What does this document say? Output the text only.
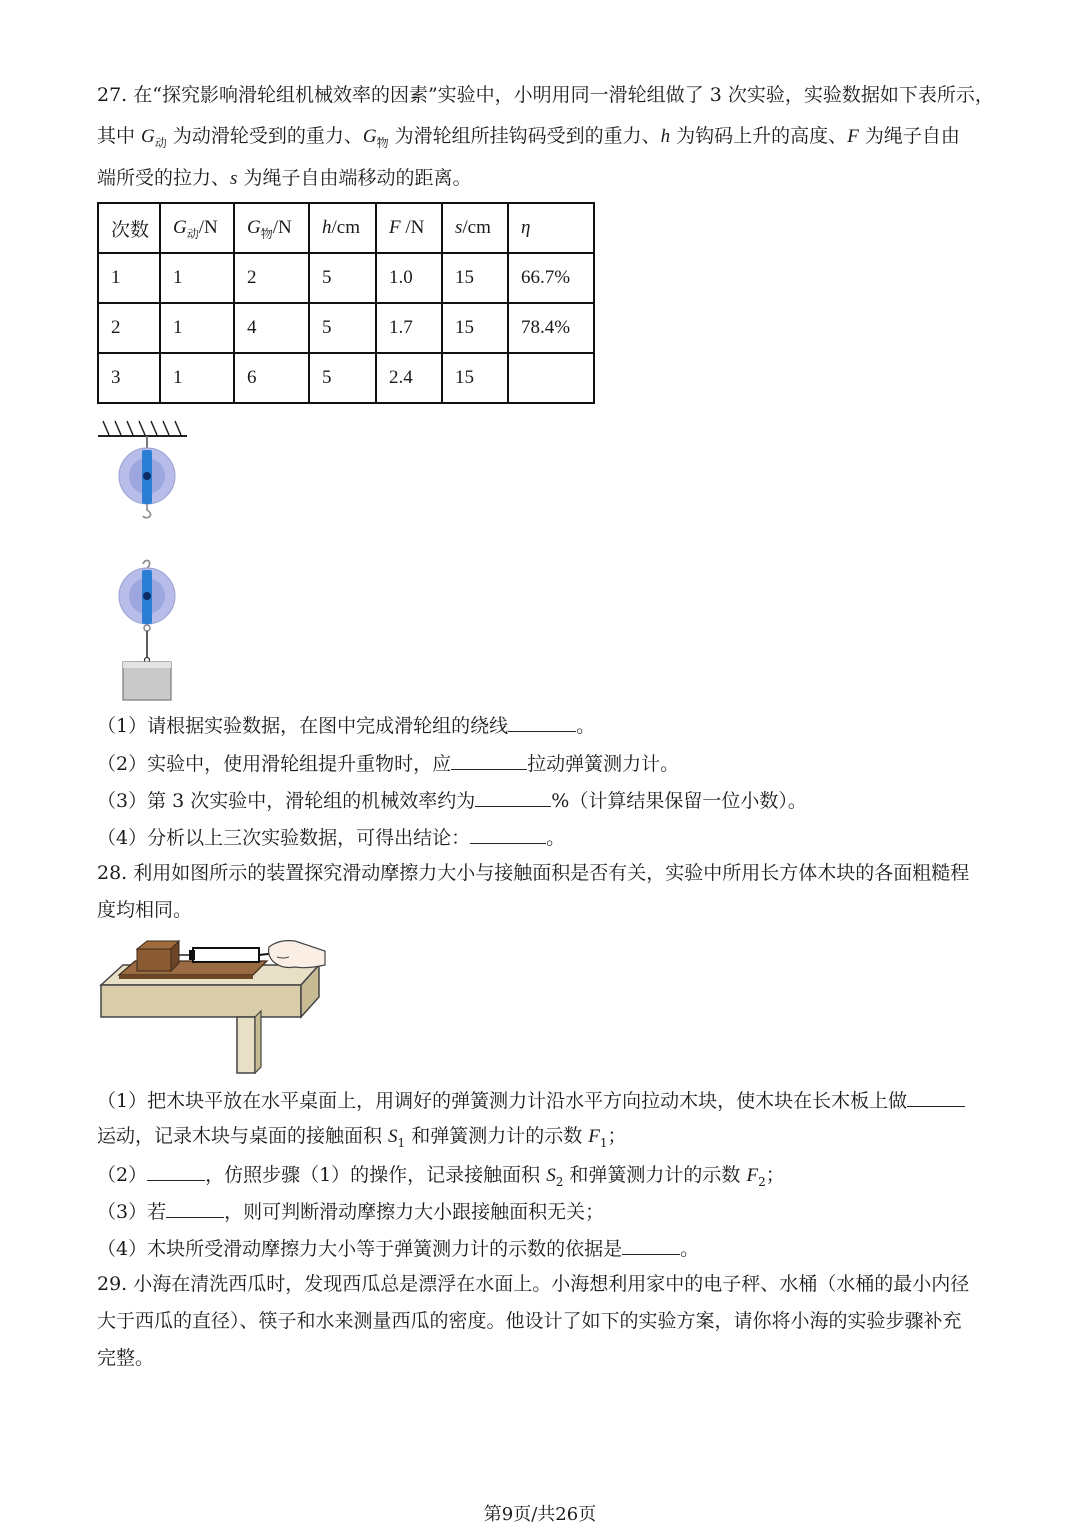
27. 在“探究影响滑轮组机械效率的因素”实验中，小明用同一滑轮组做了 3 次实验，实验数据如下表所示，
其中 $G_动$ 为动滑轮受到的重力、$G_物$ 为滑轮组所挂钩码受到的重力、h 为钩码上升的高度、F 为绳子自由
端所受的拉力、s 为绳子自由端移动的距离。
次数	$G_动/N$	$G_物/N$	h/cm	F /N	s/cm	η
1	1	2	5	1.0	15	66.7%
2	1	4	5	1.7	15	78.4%
3	1	6	5	2.4	15	
（1）请根据实验数据，在图中完成滑轮组的绕线	。
（2）实验中，使用滑轮组提升重物时，应	拉动弹簧测力计。
（3）第 3 次实验中，滑轮组的机械效率约为	%（计算结果保留一位小数）。
（4）分析以上三次实验数据，可得出结论：	。
28. 利用如图所示的装置探究滑动摩擦力大小与接触面积是否有关，实验中所用长方体木块的各面粗糙程
度均相同。
（1）把木块平放在水平桌面上，用调好的弹簧测力计沿水平方向拉动木块，使木块在长木板上做
运动，记录木块与桌面的接触面积 $S_1$ 和弹簧测力计的示数 $F_1$；
（2）	，仿照步骤（1）的操作，记录接触面积 $S_2$ 和弹簧测力计的示数 $F_2$；
（3）若	，则可判断滑动摩擦力大小跟接触面积无关；
（4）木块所受滑动摩擦力大小等于弹簧测力计的示数的依据是	。
29. 小海在清洗西瓜时，发现西瓜总是漂浮在水面上。小海想利用家中的电子秤、水桶（水桶的最小内径
大于西瓜的直径）、筷子和水来测量西瓜的密度。他设计了如下的实验方案，请你将小海的实验步骤补充
完整。
第9页/共26页
